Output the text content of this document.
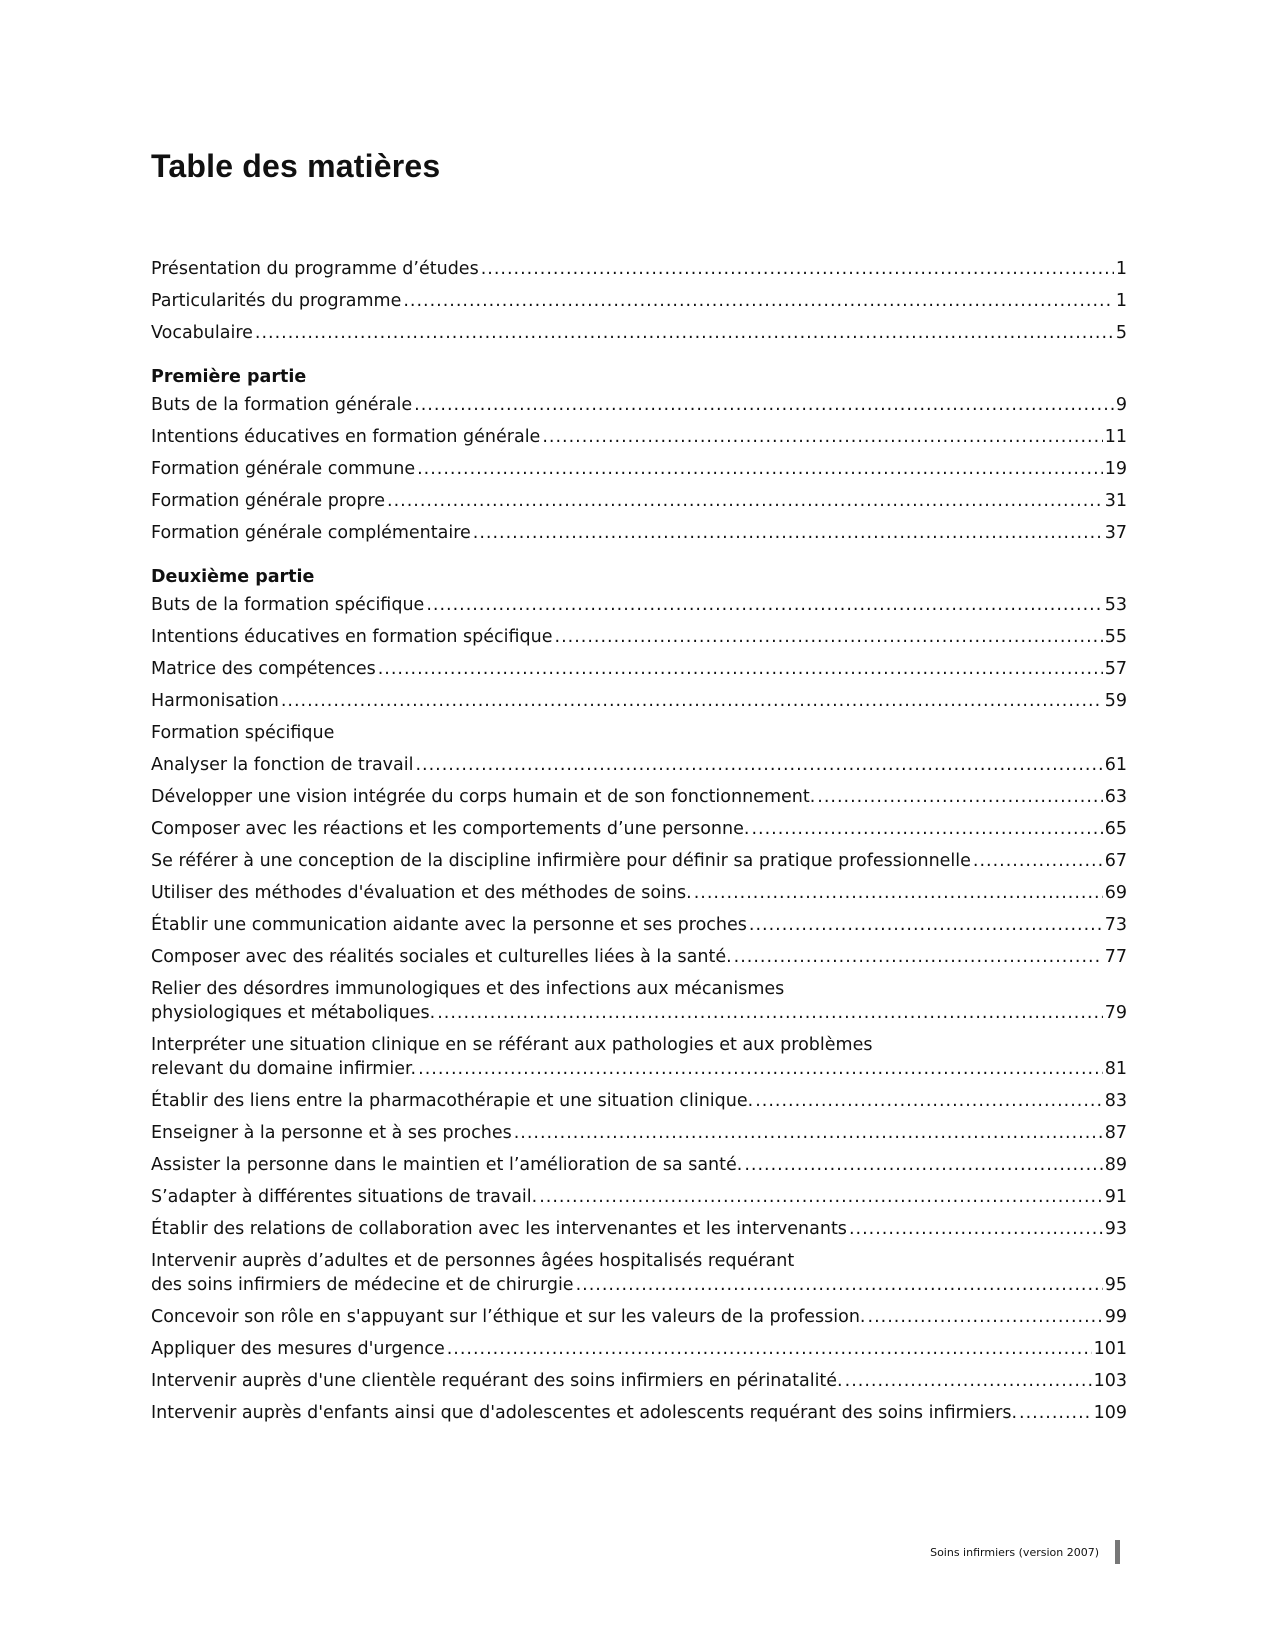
Table des matières
Présentation du programme d’études .....	1
Particularités du programme .....	1
Vocabulaire .....	5
Première partie
Buts de la formation générale .....	9
Intentions éducatives en formation générale .....	11
Formation générale commune .....	19
Formation générale propre .....	31
Formation générale complémentaire .....	37
Deuxième partie
Buts de la formation spécifique .....	53
Intentions éducatives en formation spécifique .....	55
Matrice des compétences .....	57
Harmonisation .....	59
Formation spécifique
Analyser la fonction de travail .....	61
Développer une vision intégrée du corps humain et de son fonctionnement. .....	63
Composer avec les réactions et les comportements d’une personne. .....	65
Se référer à une conception de la discipline infirmière pour définir sa pratique professionnelle .....	67
Utiliser des méthodes d'évaluation et des méthodes de soins. .....	69
Établir une communication aidante avec la personne et ses proches .....	73
Composer avec des réalités sociales et culturelles liées à la santé. .....	77
Relier des désordres immunologiques et des infections aux mécanismes
physiologiques et métaboliques. .....	79
Interpréter une situation clinique en se référant aux pathologies et aux problèmes
relevant du domaine infirmier. .....	81
Établir des liens entre la pharmacothérapie et une situation clinique. .....	83
Enseigner à la personne et à ses proches .....	87
Assister la personne dans le maintien et l’amélioration de sa santé. .....	89
S’adapter à différentes situations de travail. .....	91
Établir des relations de collaboration avec les intervenantes et les intervenants .....	93
Intervenir auprès d’adultes et de personnes âgées hospitalisés requérant
des soins infirmiers de médecine et de chirurgie .....	95
Concevoir son rôle en s'appuyant sur l’éthique et sur les valeurs de la profession. .....	99
Appliquer des mesures d'urgence .....	101
Intervenir auprès d'une clientèle requérant des soins infirmiers en périnatalité. .....	103
Intervenir auprès d'enfants ainsi que d'adolescentes et adolescents requérant des soins infirmiers. .....	109
Soins infirmiers (version 2007)
